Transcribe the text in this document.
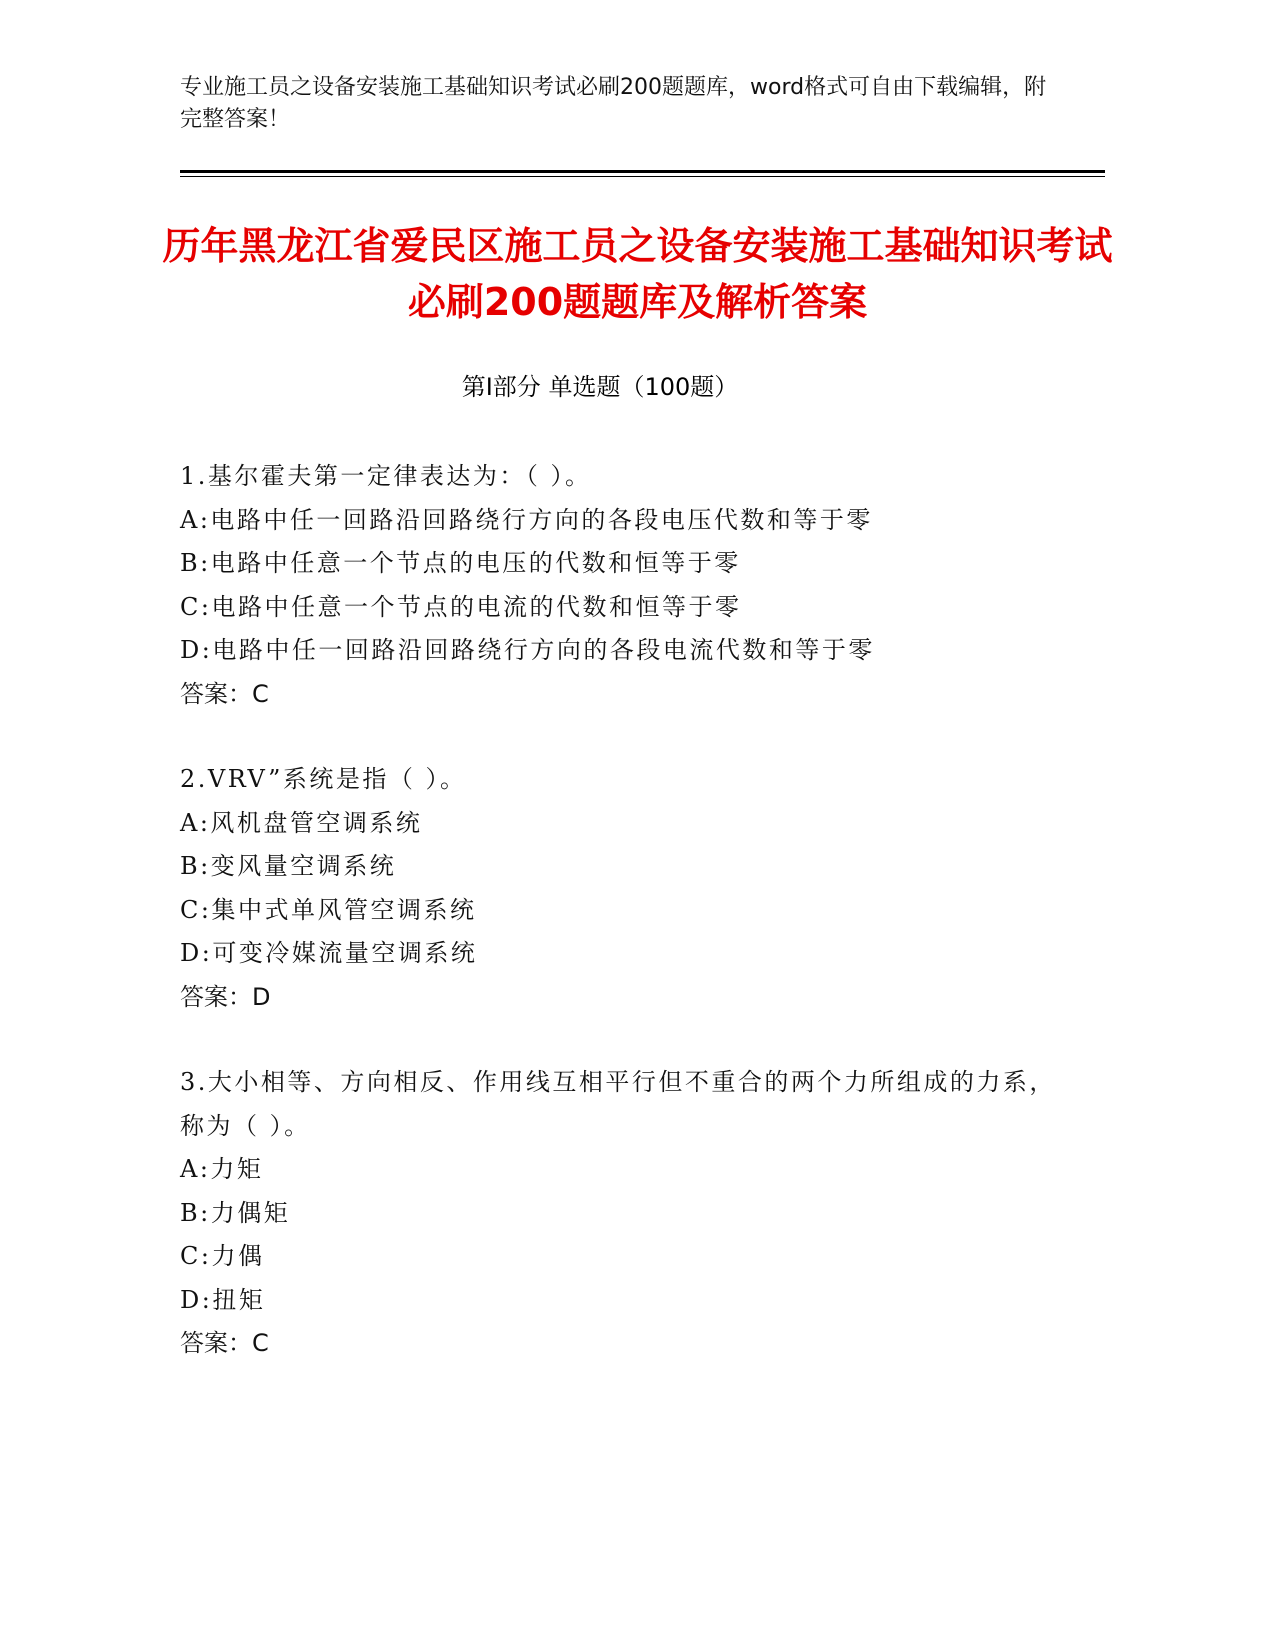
专业施工员之设备安装施工基础知识考试必刷200题题库，word格式可自由下载编辑，附完整答案！
历年黑龙江省爱民区施工员之设备安装施工基础知识考试必刷200题题库及解析答案
第Ⅰ部分 单选题（100题）

1.基尔霍夫第一定律表达为：（ ）。

A:电路中任一回路沿回路绕行方向的各段电压代数和等于零

B:电路中任意一个节点的电压的代数和恒等于零

C:电路中任意一个节点的电流的代数和恒等于零

D:电路中任一回路沿回路绕行方向的各段电流代数和等于零

答案：C

2.VRV”系统是指（ ）。

A:风机盘管空调系统

B:变风量空调系统

C:集中式单风管空调系统

D:可变冷媒流量空调系统

答案：D

3.大小相等、方向相反、作用线互相平行但不重合的两个力所组成的力系，称为（ ）。

A:力矩

B:力偶矩

C:力偶

D:扭矩

答案：C
